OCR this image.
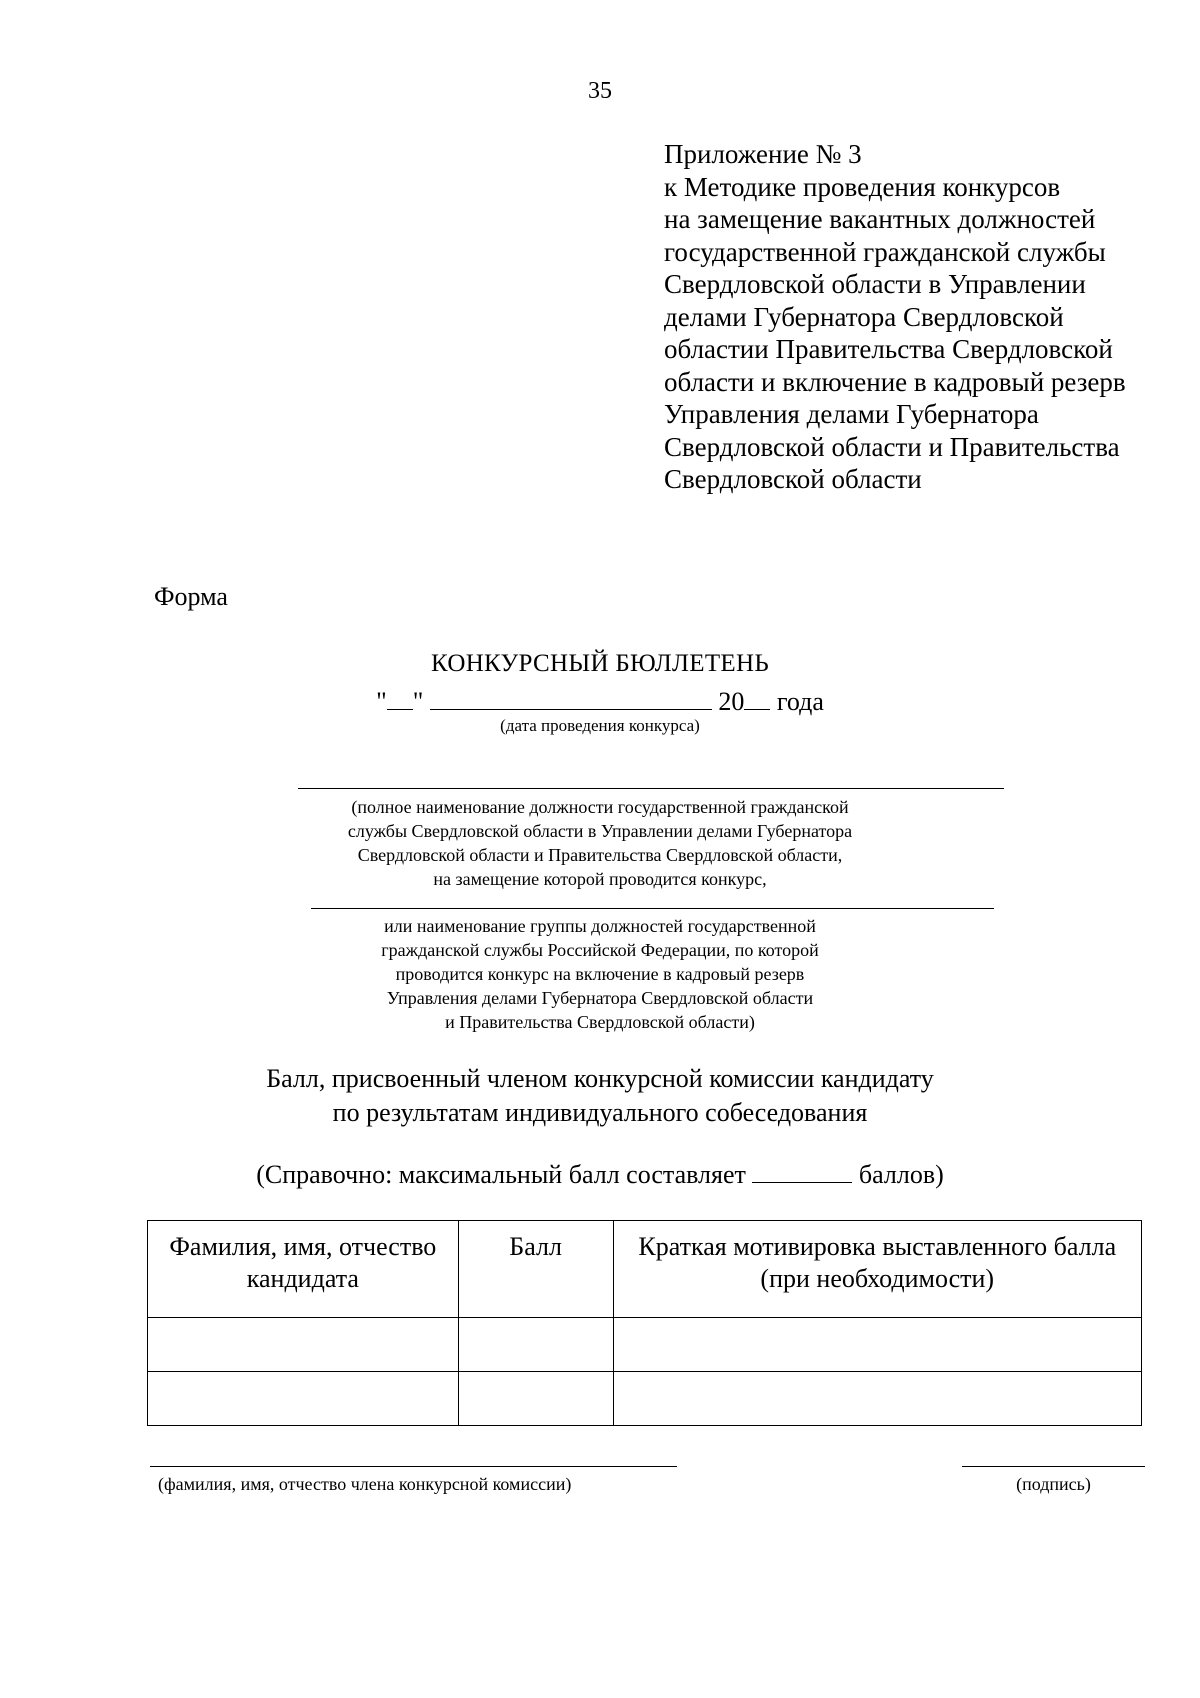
35
Приложение № 3
к Методике проведения конкурсов
на замещение вакантных должностей
государственной гражданской службы
Свердловской области в Управлении
делами Губернатора Свердловской
областии Правительства Свердловской
области и включение в кадровый резерв
Управления делами Губернатора
Свердловской области и Правительства
Свердловской области
Форма
КОНКУРСНЫЙ БЮЛЛЕТЕНЬ
" "	20 года
(дата проведения конкурса)
(полное наименование должности государственной гражданской
службы Свердловской области в Управлении делами Губернатора
Свердловской области и Правительства Свердловской области,
на замещение которой проводится конкурс,
или наименование группы должностей государственной
гражданской службы Российской Федерации, по которой
проводится конкурс на включение в кадровый резерв
Управления делами Губернатора Свердловской области
и Правительства Свердловской области)
Балл, присвоенный членом конкурсной комиссии кандидату
по результатам индивидуального собеседования
(Справочно: максимальный балл составляет	баллов)
Фамилия, имя, отчество кандидата	Балл	Краткая мотивировка выставленного балла (при необходимости)

(фамилия, имя, отчество члена конкурсной комиссии)	(подпись)
